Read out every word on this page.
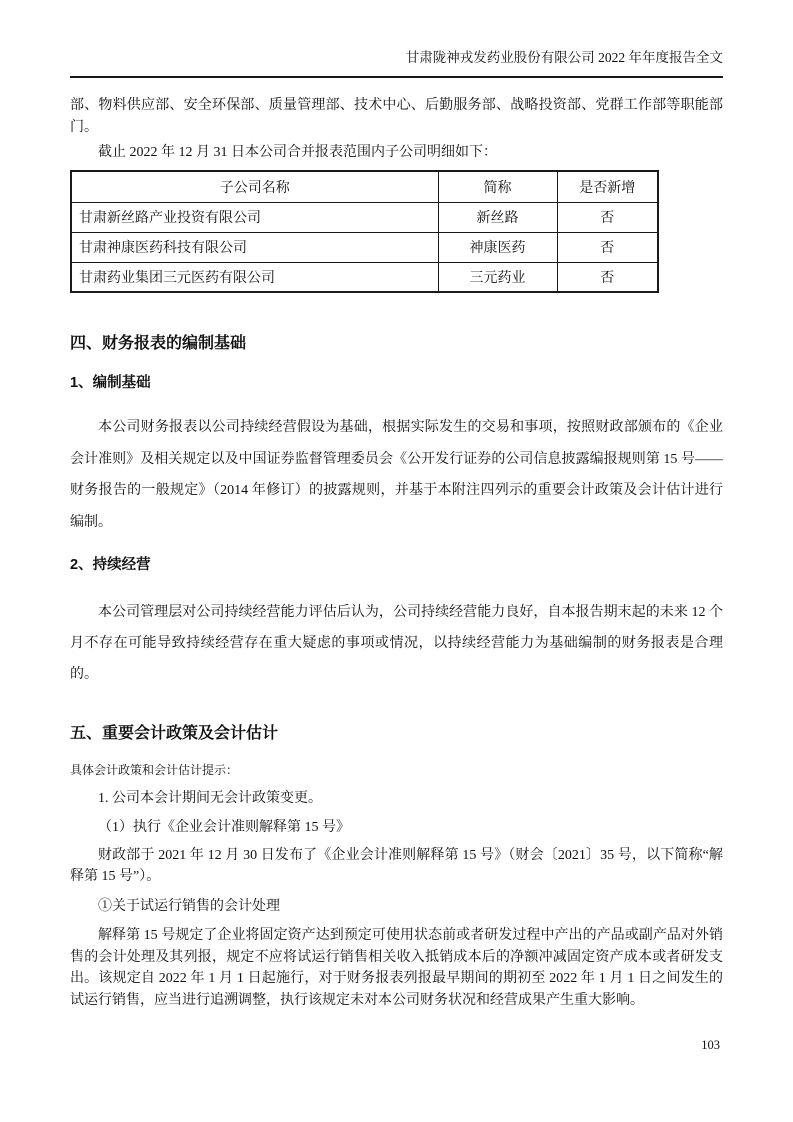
甘肃陇神戎发药业股份有限公司 2022 年年度报告全文

部、物料供应部、安全环保部、质量管理部、技术中心、后勤服务部、战略投资部、党群工作部等职能部门。

截止 2022 年 12 月 31 日本公司合并报表范围内子公司明细如下：

子公司名称	简称	是否新增
甘肃新丝路产业投资有限公司	新丝路	否
甘肃神康医药科技有限公司	神康医药	否
甘肃药业集团三元医药有限公司	三元药业	否
四、财务报表的编制基础
1、编制基础

本公司财务报表以公司持续经营假设为基础，根据实际发生的交易和事项，按照财政部颁布的《企业会计准则》及相关规定以及中国证券监督管理委员会《公开发行证券的公司信息披露编报规则第 15 号——财务报告的一般规定》（2014 年修订）的披露规则，并基于本附注四列示的重要会计政策及会计估计进行编制。

2、持续经营

本公司管理层对公司持续经营能力评估后认为，公司持续经营能力良好，自本报告期末起的未来 12 个月不存在可能导致持续经营存在重大疑虑的事项或情况，以持续经营能力为基础编制的财务报表是合理的。

五、重要会计政策及会计估计

具体会计政策和会计估计提示：

1. 公司本会计期间无会计政策变更。

（1）执行《企业会计准则解释第 15 号》

财政部于 2021 年 12 月 30 日发布了《企业会计准则解释第 15 号》（财会〔2021〕35 号，以下简称“解释第 15 号”）。

①关于试运行销售的会计处理

解释第 15 号规定了企业将固定资产达到预定可使用状态前或者研发过程中产出的产品或副产品对外销售的会计处理及其列报，规定不应将试运行销售相关收入抵销成本后的净额冲减固定资产成本或者研发支出。该规定自 2022 年 1 月 1 日起施行，对于财务报表列报最早期间的期初至 2022 年 1 月 1 日之间发生的试运行销售，应当进行追溯调整，执行该规定未对本公司财务状况和经营成果产生重大影响。

103
